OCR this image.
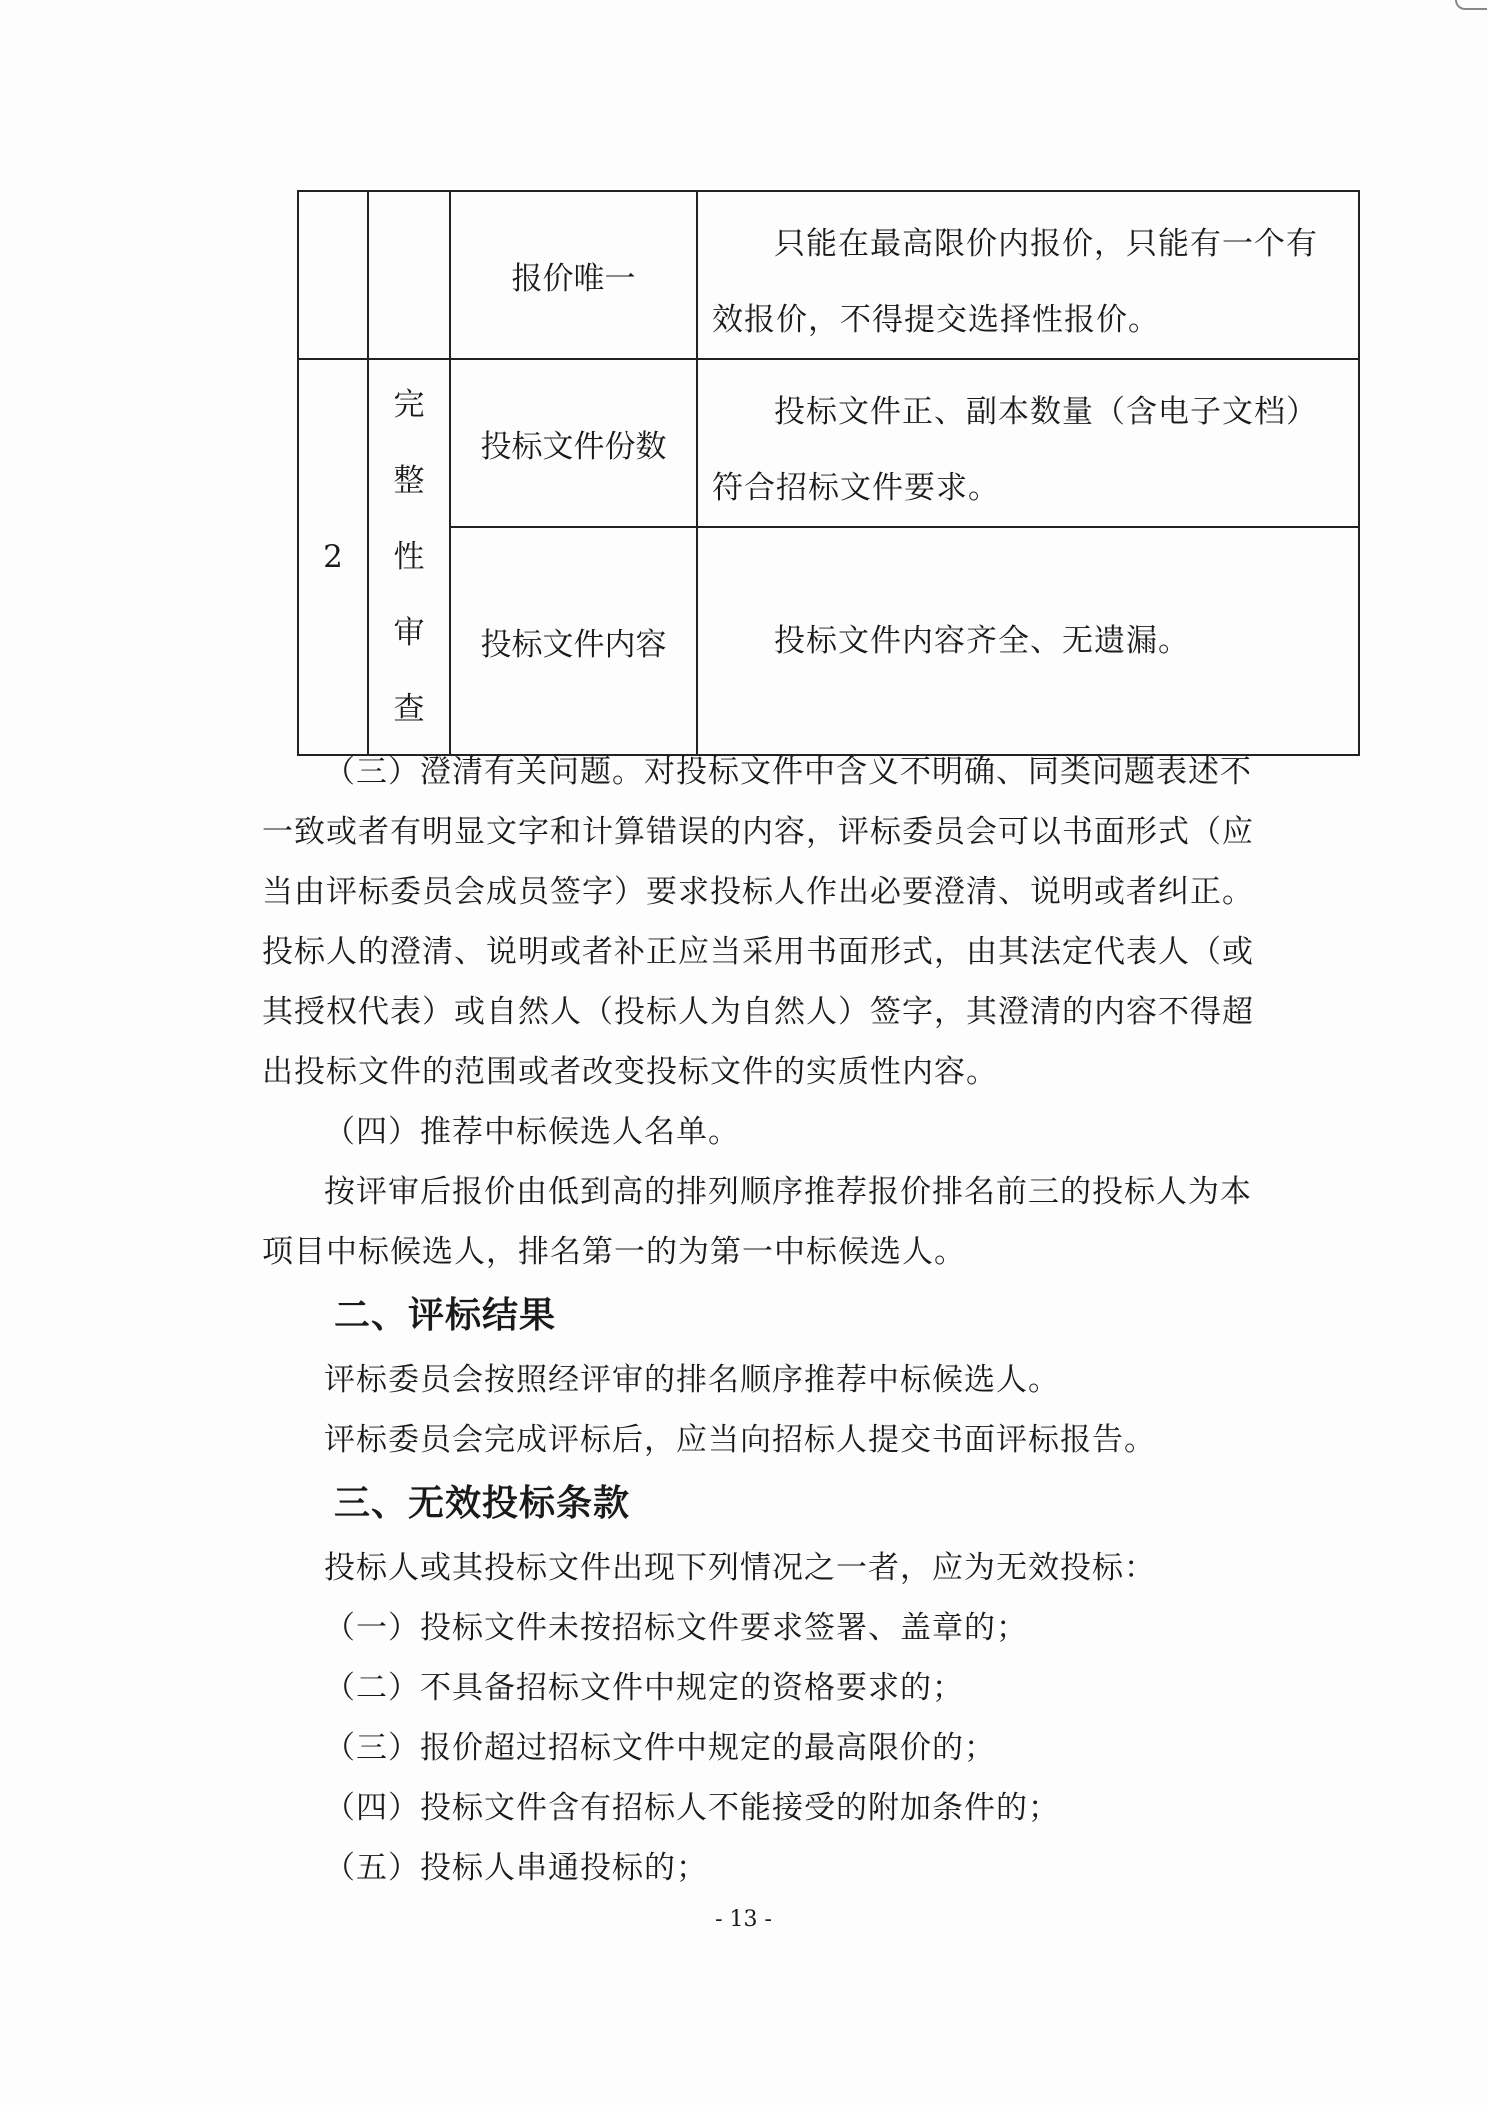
		报价唯一	只能在最高限价内报价，只能有一个有效报价，不得提交选择性报价。

2	完整性审查	投标文件份数	投标文件正、副本数量（含电子文档）符合招标文件要求。

		投标文件内容	投标文件内容齐全、无遗漏。

（三）澄清有关问题。对投标文件中含义不明确、同类问题表述不一致或者有明显文字和计算错误的内容，评标委员会可以书面形式（应当由评标委员会成员签字）要求投标人作出必要澄清、说明或者纠正。投标人的澄清、说明或者补正应当采用书面形式，由其法定代表人（或其授权代表）或自然人（投标人为自然人）签字，其澄清的内容不得超出投标文件的范围或者改变投标文件的实质性内容。

（四）推荐中标候选人名单。

按评审后报价由低到高的排列顺序推荐报价排名前三的投标人为本项目中标候选人，排名第一的为第一中标候选人。

二、评标结果

评标委员会按照经评审的排名顺序推荐中标候选人。

评标委员会完成评标后，应当向招标人提交书面评标报告。

三、无效投标条款

投标人或其投标文件出现下列情况之一者，应为无效投标：

（一）投标文件未按招标文件要求签署、盖章的；

（二）不具备招标文件中规定的资格要求的；

（三）报价超过招标文件中规定的最高限价的；

（四）投标文件含有招标人不能接受的附加条件的；

（五）投标人串通投标的；

- 13 -
